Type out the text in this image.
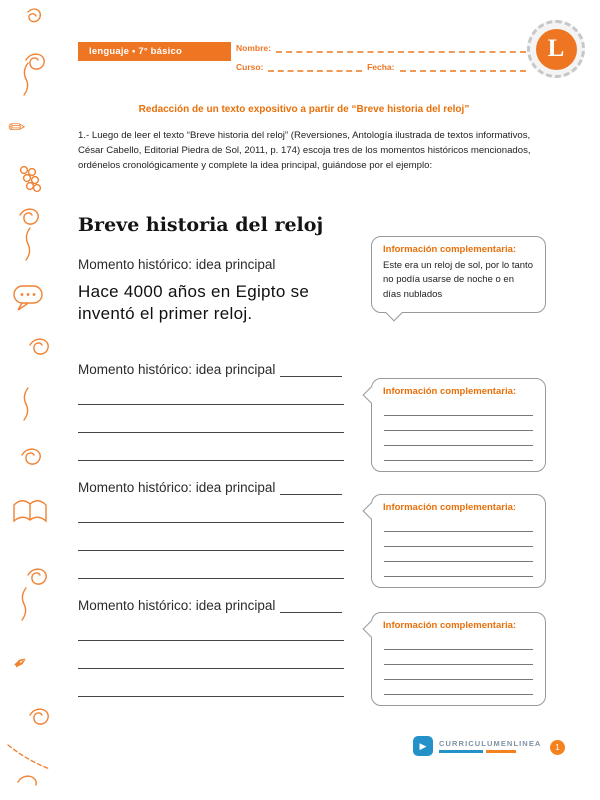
✎
✒
lenguaje • 7° básico	Nombre:
Curso:	Fecha:
L
Redacción de un texto expositivo a partir de “Breve historia del reloj”

1.- Luego de leer el texto “Breve historia del reloj” (Reversiones, Antología ilustrada de textos informativos, César Cabello, Editorial Piedra de Sol, 2011, p. 174) escoja tres de los momentos históricos mencionados, ordénelos cronológicamente y complete la idea principal, guiándose por el ejemplo:

Breve historia del reloj
Momento histórico: idea principal
Hace 4000 años en Egipto se inventó el primer reloj.
Información complementaria:
Este era un reloj de sol, por lo tanto no podía usarse de noche o en días nublados
Momento histórico: idea principal
Información complementaria:
Momento histórico: idea principal
Información complementaria:
Momento histórico: idea principal
Información complementaria:
▶	CURRICULUMENLINEA	1
